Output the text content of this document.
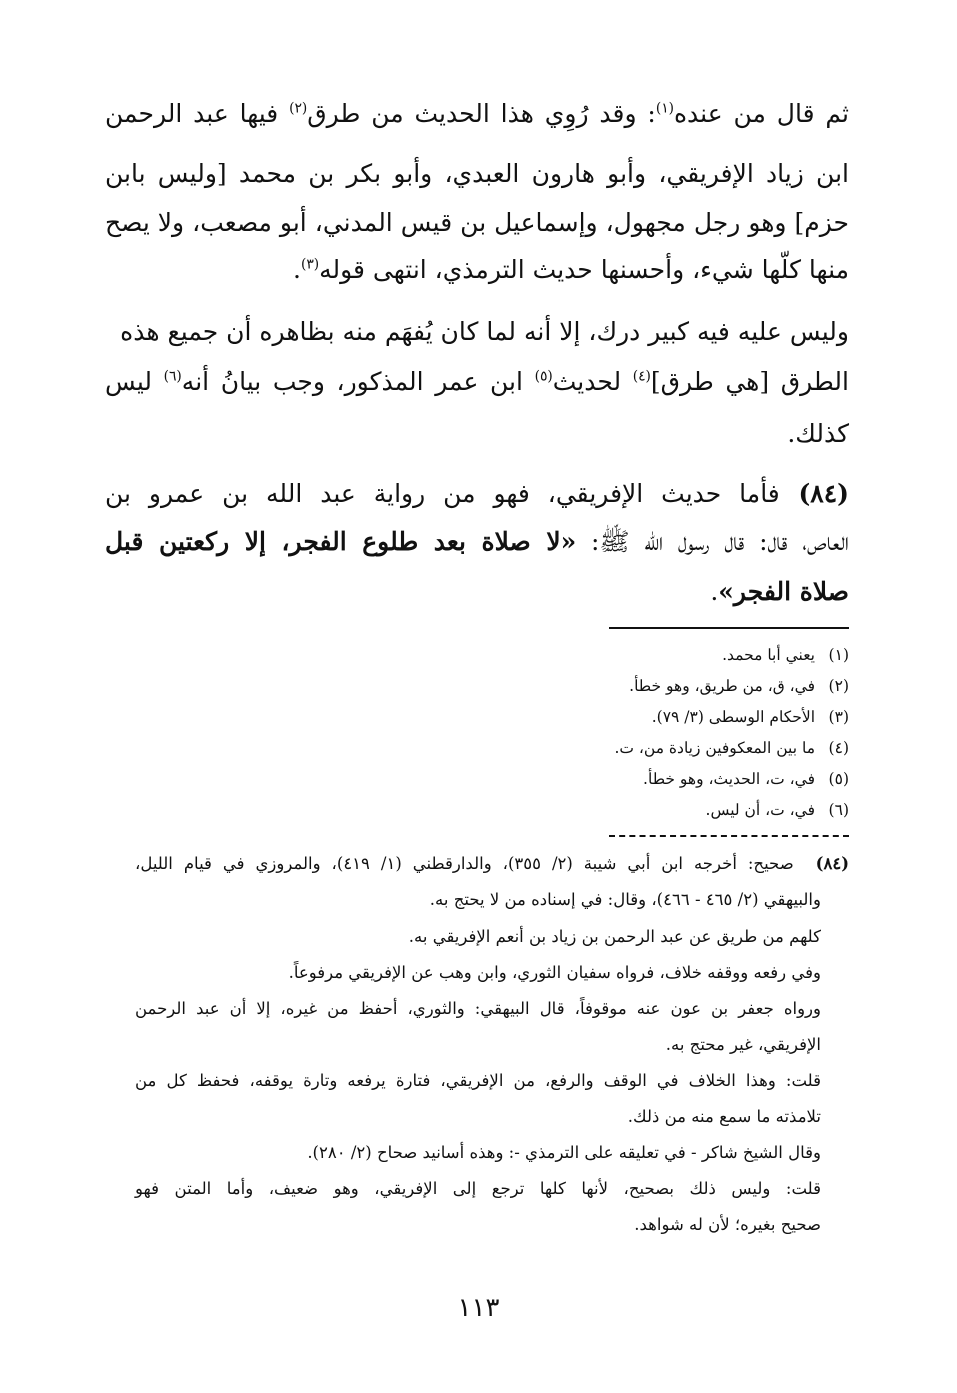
ثم قال من عنده$^{(١)}$: وقد رُوِي هذا الحديث من طرق$^{(٢)}$ فيها عبد الرحمن
ابن زياد الإفريقي، وأبو هارون العبدي، وأبو بكر بن محمد [وليس بابن
حزم] وهو رجل مجهول، وإسماعيل بن قيس المدني، أبو مصعب، ولا يصح
منها كلّها شيء، وأحسنها حديث الترمذي، انتهى قوله$^{(٣)}$.
وليس عليه فيه كبير درك، إلا أنه لما كان يُفهَم منه بظاهره أن جميع هذه
الطرق [هي طرق]$^{(٤)}$ لحديث$^{(٥)}$ ابن عمر المذكور، وجب بيانُ أنه$^{(٦)}$ ليس
كذلك.
(٨٤) فأما حديث الإفريقي، فهو من رواية عبد الله بن عمرو بن
العاص، قال: قال رسول الله ﷺ: «لا صلاة بعد طلوع الفجر، إلا ركعتين قبل
صلاة الفجر».
(١)يعني أبا محمد.
(٢)في، ق، من طريق، وهو خطأ.
(٣)الأحكام الوسطى (٣/ ٧٩).
(٤)ما بين المعكوفين زيادة من، ت.
(٥)في، ت، الحديث، وهو خطأ.
(٦)في، ت، أن ليس.
(٨٤)  صحيح: أخرجه ابن أبي شيبة (٢/ ٣٥٥)، والدارقطني (١/ ٤١٩)، والمروزي في قيام الليل،
والبيهقي (٢/ ٤٦٥ - ٤٦٦)، وقال: في إسناده من لا يحتج به.
كلهم من طريق عن عبد الرحمن بن زياد بن أنعم الإفريقي به.
وفي رفعه ووقفه خلاف، فرواه سفيان الثوري، وابن وهب عن الإفريقي مرفوعاً.
ورواه جعفر بن عون عنه موقوفاً، قال البيهقي: والثوري، أحفظ من غيره، إلا أن عبد الرحمن
الإفريقي، غير محتج به.
قلت: وهذا الخلاف في الوقف والرفع، من الإفريقي، فتارة يرفعه وتارة يوقفه، فحفظ كل من
تلامذته ما سمع منه من ذلك.
وقال الشيخ شاكر - في تعليقه على الترمذي -: وهذه أسانيد صحاح (٢/ ٢٨٠).
قلت: وليس ذلك بصحيح، لأنها كلها ترجع إلى الإفريقي، وهو ضعيف، وأما المتن فهو
صحيح بغيره؛ لأن له شواهد.
١١٣
